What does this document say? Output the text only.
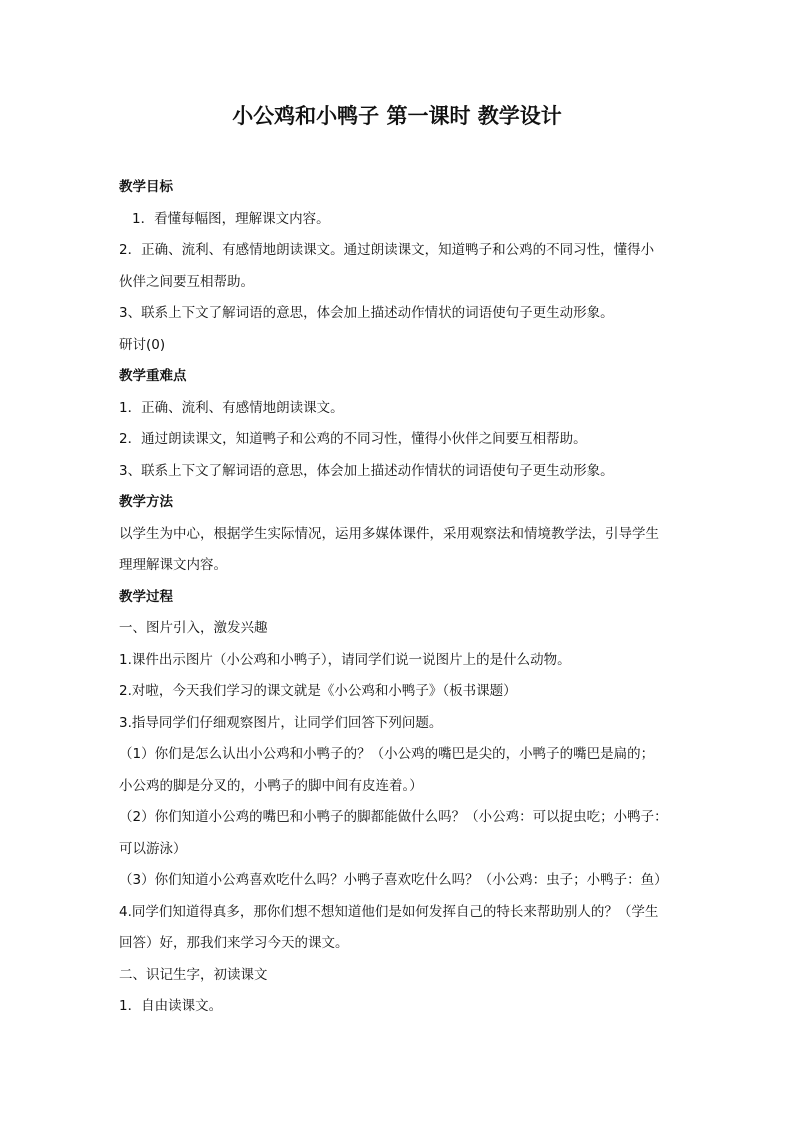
小公鸡和小鸭子 第一课时 教学设计

教学目标

1．看懂每幅图，理解课文内容。

2．正确、流利、有感情地朗读课文。通过朗读课文，知道鸭子和公鸡的不同习性，懂得小

伙伴之间要互相帮助。

3、联系上下文了解词语的意思，体会加上描述动作情状的词语使句子更生动形象。

研讨(0)

教学重难点

1．正确、流利、有感情地朗读课文。

2．通过朗读课文，知道鸭子和公鸡的不同习性，懂得小伙伴之间要互相帮助。

3、联系上下文了解词语的意思，体会加上描述动作情状的词语使句子更生动形象。

教学方法

以学生为中心，根据学生实际情况，运用多媒体课件，采用观察法和情境教学法，引导学生

理理解课文内容。

教学过程

一、图片引入，激发兴趣

1.课件出示图片（小公鸡和小鸭子），请同学们说一说图片上的是什么动物。

2.对啦，今天我们学习的课文就是《小公鸡和小鸭子》（板书课题）

3.指导同学们仔细观察图片，让同学们回答下列问题。

（1）你们是怎么认出小公鸡和小鸭子的？（小公鸡的嘴巴是尖的，小鸭子的嘴巴是扁的；

小公鸡的脚是分叉的，小鸭子的脚中间有皮连着。）

（2）你们知道小公鸡的嘴巴和小鸭子的脚都能做什么吗？（小公鸡：可以捉虫吃；小鸭子：

可以游泳）

（3）你们知道小公鸡喜欢吃什么吗？小鸭子喜欢吃什么吗？（小公鸡：虫子；小鸭子：鱼）

4.同学们知道得真多，那你们想不想知道他们是如何发挥自己的特长来帮助别人的？（学生

回答）好，那我们来学习今天的课文。

二、识记生字，初读课文

1．自由读课文。
